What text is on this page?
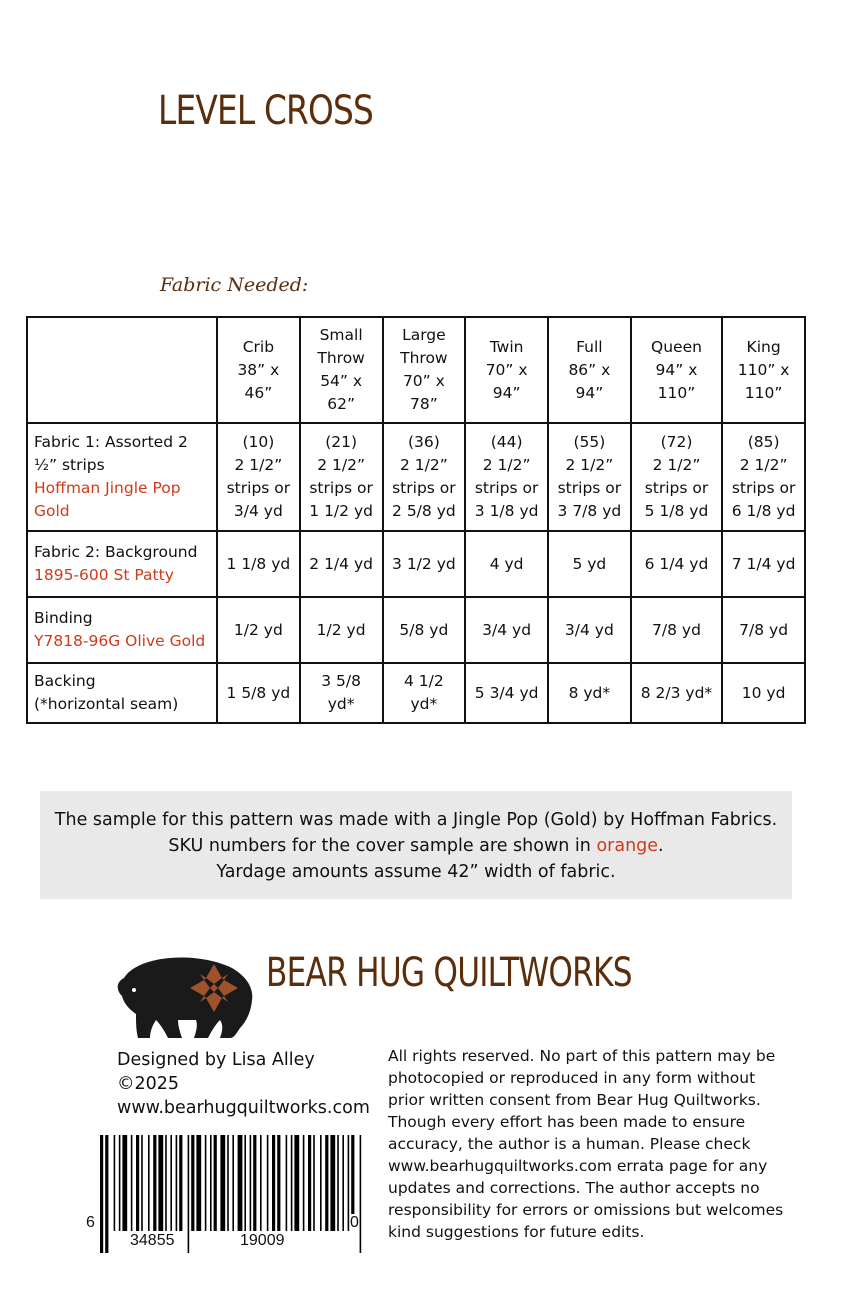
LEVEL CROSS
Fabric Needed:

	Crib
38” x
46”	Small
Throw
54” x
62”	Large
Throw
70” x
78”	Twin
70” x
94”	Full
86” x
94”	Queen
94” x
110”	King
110” x
110”

Fabric 1: Assorted 2 ½” strips
Hoffman Jingle Pop Gold	(10)
2 1/2”
strips or
3/4 yd	(21)
2 1/2”
strips or
1 1/2 yd	(36)
2 1/2”
strips or
2 5/8 yd	(44)
2 1/2”
strips or
3 1/8 yd	(55)
2 1/2”
strips or
3 7/8 yd	(72)
2 1/2”
strips or
5 1/8 yd	(85)
2 1/2”
strips or
6 1/8 yd

Fabric 2: Background
1895-600 St Patty	1 1/8 yd	2 1/4 yd	3 1/2 yd	4 yd	5 yd	6 1/4 yd	7 1/4 yd
Binding
Y7818-96G Olive Gold	1/2 yd	1/2 yd	5/8 yd	3/4 yd	3/4 yd	7/8 yd	7/8 yd
Backing
(*horizontal seam)	1 5/8 yd	3 5/8
yd*	4 1/2
yd*	5 3/4 yd	8 yd*	8 2/3 yd*	10 yd
The sample for this pattern was made with a Jingle Pop (Gold) by Hoffman Fabrics.
SKU numbers for the cover sample are shown in orange.
Yardage amounts assume 42” width of fabric.
BEAR HUG QUILTWORKS
Designed by Lisa Alley
©2025
www.bearhugquiltworks.com
All rights reserved. No part of this pattern may be photocopied or reproduced in any form without prior written consent from Bear Hug Quiltworks. Though every effort has been made to ensure accuracy, the author is a human. Please check www.bearhugquiltworks.com errata page for any updates and corrections. The author accepts no responsibility for errors or omissions but welcomes kind suggestions for future edits.
6
34855	19009
0
